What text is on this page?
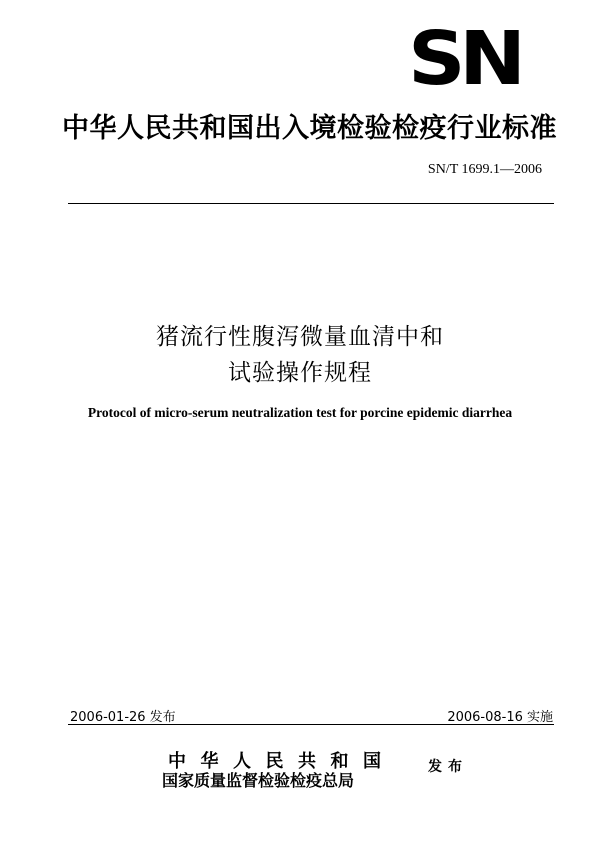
SN
中华人民共和国出入境检验检疫行业标准
SN/T 1699.1—2006
猪流行性腹泻微量血清中和
试验操作规程
Protocol of micro-serum neutralization test for porcine epidemic diarrhea
2006-01-26 发布	2006-08-16 实施
中华人民共和国
国家质量监督检验检疫总局
发布
